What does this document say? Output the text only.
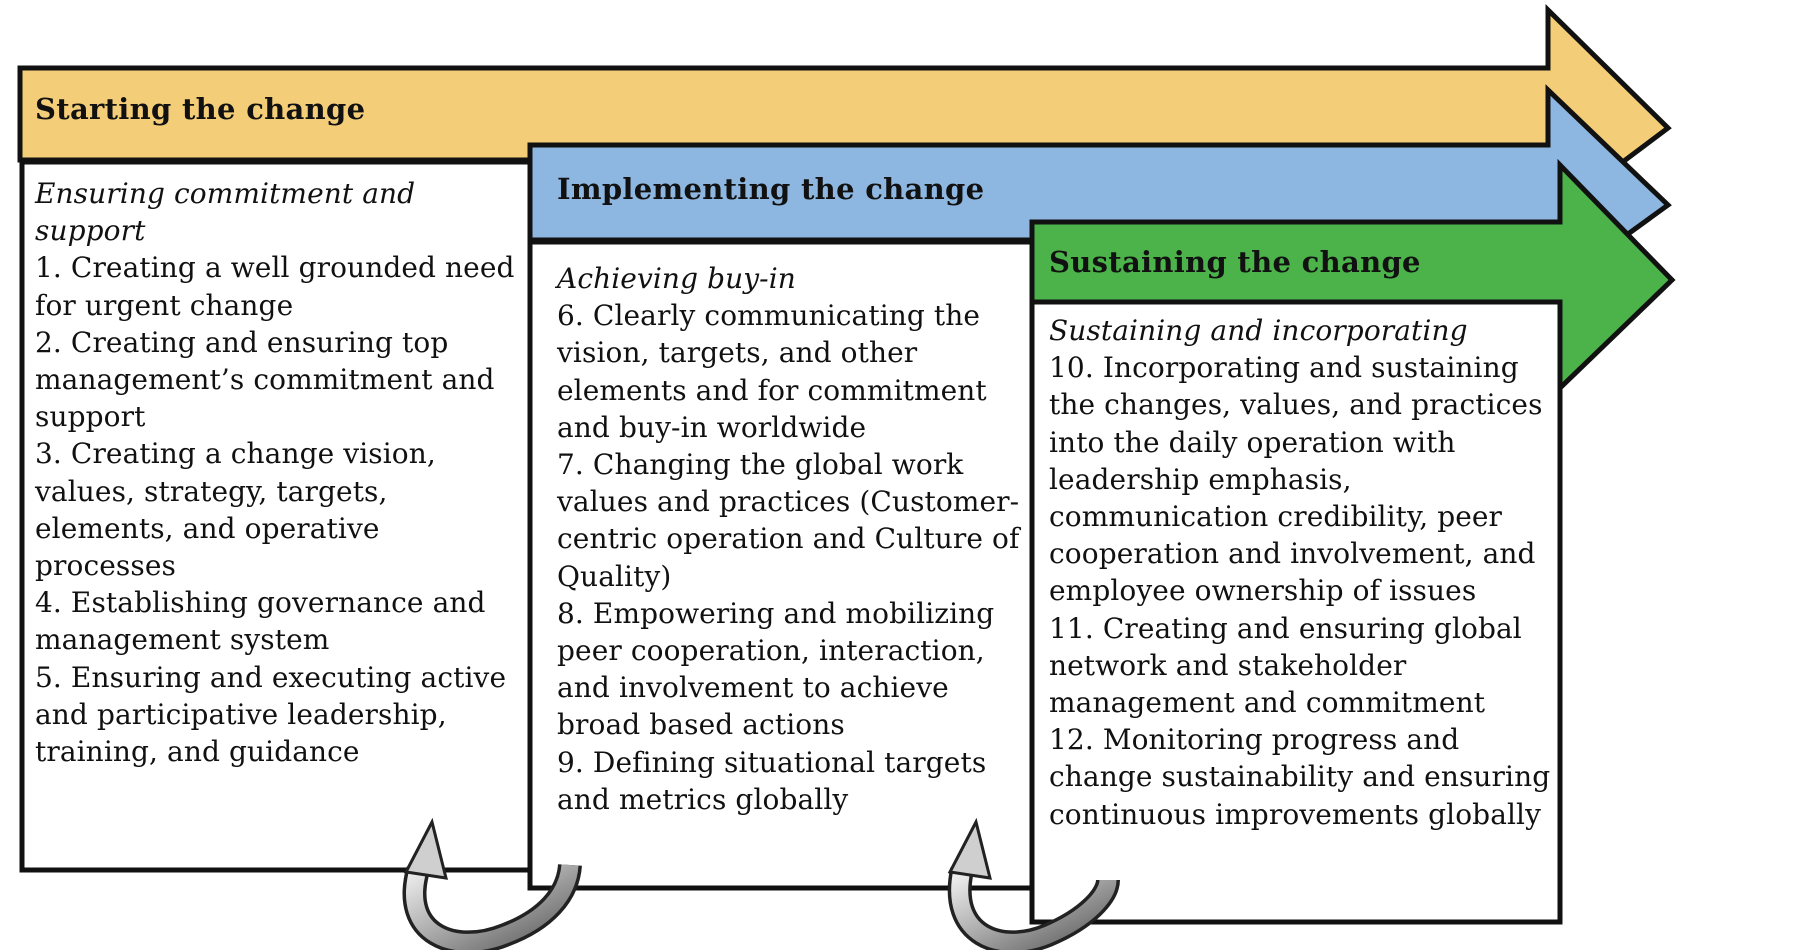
Starting the change
Ensuring commitment and support
1. Creating a well grounded need for urgent change
2. Creating and ensuring top management’s commitment and support
3. Creating a change vision, values, strategy, targets, elements, and operative processes
4. Establishing governance and management system
5. Ensuring and executing active and participative leadership, training, and guidance
Implementing the change
Achieving buy-in
6. Clearly communicating the vision, targets, and other elements and for commitment and buy-in worldwide
7. Changing the global work values and practices (Customer-centric operation and Culture of Quality)
8. Empowering and mobilizing peer cooperation, interaction, and involvement to achieve broad based actions
9. Defining situational targets and metrics globally
Sustaining the change
Sustaining and incorporating
10. Incorporating and sustaining the changes, values, and practices into the daily operation with leadership emphasis, communication credibility, peer cooperation and involvement, and employee ownership of issues
11. Creating and ensuring global network and stakeholder management and commitment
12. Monitoring progress and change sustainability and ensuring continuous improvements globally
